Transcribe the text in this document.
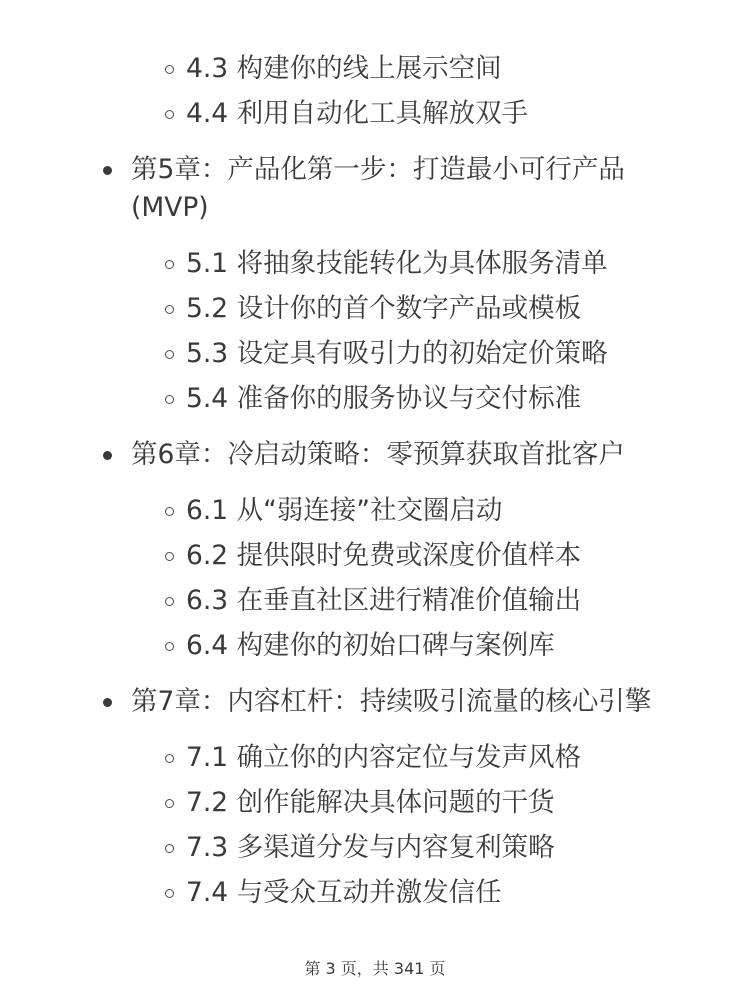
4.3 构建你的线上展示空间
4.4 利用自动化工具解放双手
第5章：产品化第一步：打造最小可行产品 (MVP)
5.1 将抽象技能转化为具体服务清单
5.2 设计你的首个数字产品或模板
5.3 设定具有吸引力的初始定价策略
5.4 准备你的服务协议与交付标准
第6章：冷启动策略：零预算获取首批客户
6.1 从“弱连接”社交圈启动
6.2 提供限时免费或深度价值样本
6.3 在垂直社区进行精准价值输出
6.4 构建你的初始口碑与案例库
第7章：内容杠杆：持续吸引流量的核心引擎
7.1 确立你的内容定位与发声风格
7.2 创作能解决具体问题的干货
7.3 多渠道分发与内容复利策略
7.4 与受众互动并激发信任
第 3 页，共 341 页
